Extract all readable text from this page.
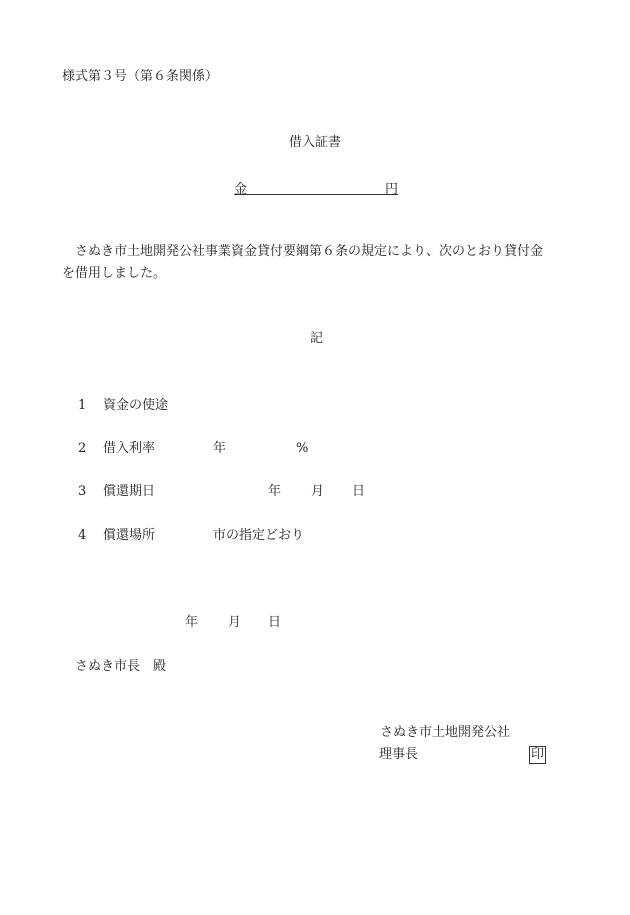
様式第３号（第６条関係）
借入証書
金	円
さぬき市土地開発公社事業資金貸付要綱第６条の規定により、次のとおり貸付金
を借用しました。
記
1 資金の使途
2 借入利率	年	%
3 償還期日	年 月 日
4 償還場所	市の指定どおり
年 月 日
さぬき市長　殿
さぬき市土地開発公社
理事長	印
